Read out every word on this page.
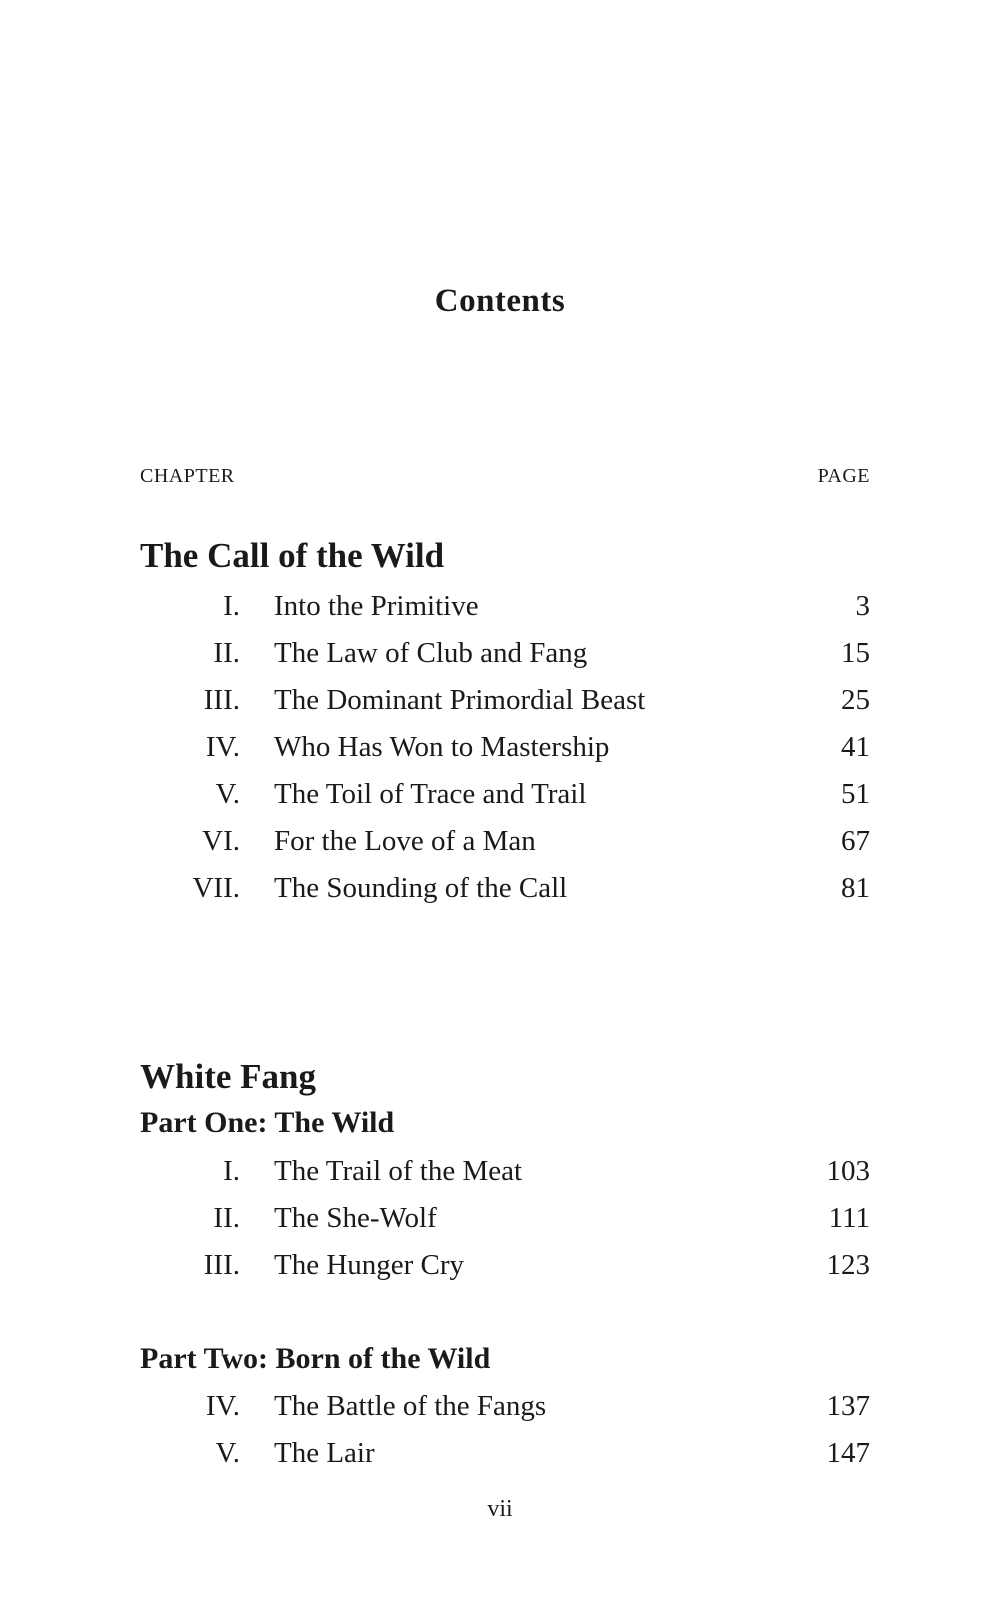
Contents
CHAPTER	PAGE
The Call of the Wild
I. Into the Primitive	3
II. The Law of Club and Fang	15
III. The Dominant Primordial Beast	25
IV. Who Has Won to Mastership	41
V. The Toil of Trace and Trail	51
VI. For the Love of a Man	67
VII. The Sounding of the Call	81
White Fang
Part One: The Wild
I. The Trail of the Meat	103
II. The She-Wolf	111
III. The Hunger Cry	123
Part Two: Born of the Wild
IV. The Battle of the Fangs	137
V. The Lair	147
vii
